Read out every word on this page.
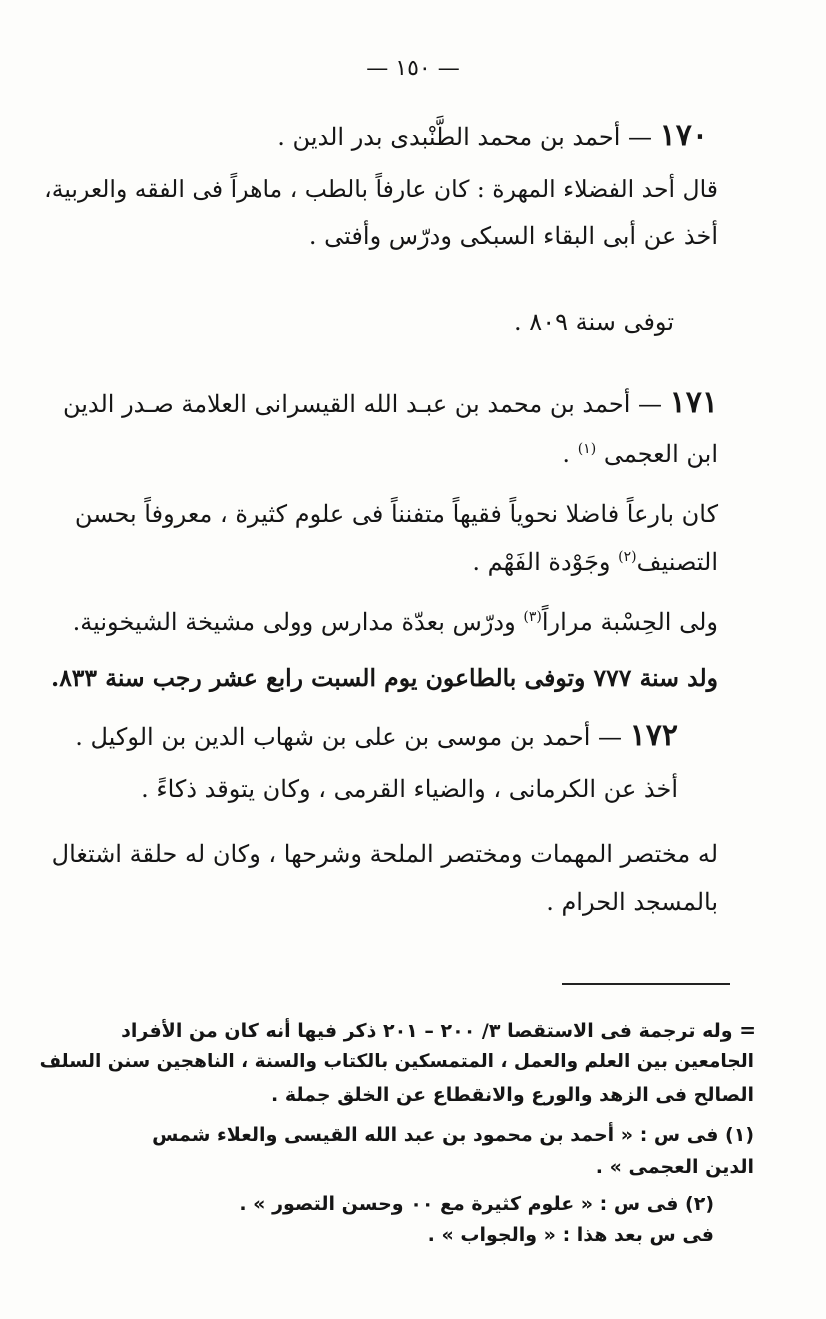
— ١٥٠ —
١٧٠ — أحمد بن محمد الطَّنْبدى بدر الدين .
قال أحد الفضلاء المهرة : كان عارفاً بالطب ، ماهراً فى الفقه والعربية،
أخذ عن أبى البقاء السبكى ودرّس وأفتى .
توفى سنة ٨٠٩ .
١٧١ — أحمد بن محمد بن عبـد الله القيسرانى العلامة صـدر الدين
ابن العجمى $^{(١)}$ .
كان بارعاً فاضلا نحوياً فقيهاً متفنناً فى علوم كثيرة ، معروفاً بحسن
التصنيف$^{(٢)}$ وجَوْدة الفَهْم .
ولى الحِسْبة مراراً$^{(٣)}$ ودرّس بعدّة مدارس وولى مشيخة الشيخونية.
ولد سنة ٧٧٧ وتوفى بالطاعون يوم السبت رابع عشر رجب سنة ٨٣٣.
١٧٢ — أحمد بن موسى بن على بن شهاب الدين بن الوكيل .
أخذ عن الكرمانى ، والضياء القرمى ، وكان يتوقد ذكاءً .
له مختصر المهمات ومختصر الملحة وشرحها ، وكان له حلقة اشتغال
بالمسجد الحرام .
= وله ترجمة فى الاستقصا ٣/ ٢٠٠ – ٢٠١ ذكر فيها أنه كان من الأفراد
الجامعين بين العلم والعمل ، المتمسكين بالكتاب والسنة ، الناهجين سنن السلف
الصالح فى الزهد والورع والانقطاع عن الخلق جملة .
(١) فى س : « أحمد بن محمود بن عبد الله القيسى والعلاء شمس
الدين العجمى » .
(٢) فى س : « علوم كثيرة مع ٠٠ وحسن التصور » .
فى س بعد هذا : « والجواب » .
